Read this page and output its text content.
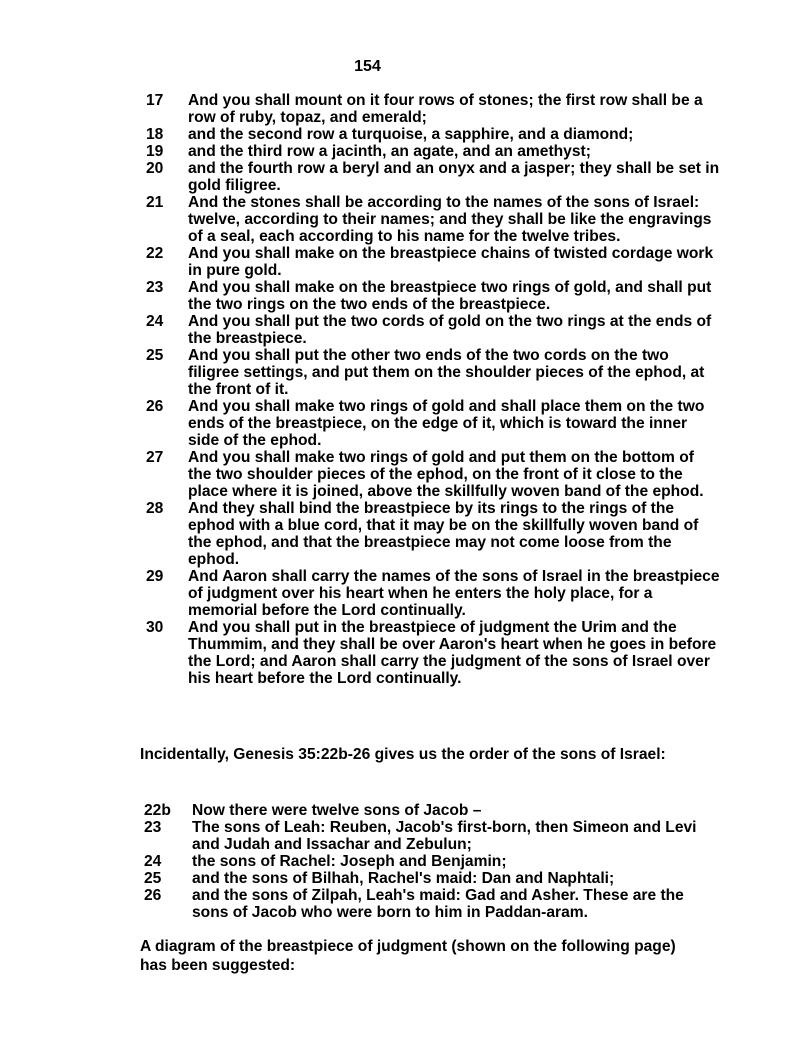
154
17	And you shall mount on it four rows of stones; the first row shall be a row of ruby, topaz, and emerald;
18	and the second row a turquoise, a sapphire, and a diamond;
19	and the third row a jacinth, an agate, and an amethyst;
20	and the fourth row a beryl and an onyx and a jasper; they shall be set in gold filigree.
21	And the stones shall be according to the names of the sons of Israel: twelve, according to their names; and they shall be like the engravings of a seal, each according to his name for the twelve tribes.
22	And you shall make on the breastpiece chains of twisted cordage work in pure gold.
23	And you shall make on the breastpiece two rings of gold, and shall put the two rings on the two ends of the breastpiece.
24	And you shall put the two cords of gold on the two rings at the ends of the breastpiece.
25	And you shall put the other two ends of the two cords on the two filigree settings, and put them on the shoulder pieces of the ephod, at the front of it.
26	And you shall make two rings of gold and shall place them on the two ends of the breastpiece, on the edge of it, which is toward the inner side of the ephod.
27	And you shall make two rings of gold and put them on the bottom of the two shoulder pieces of the ephod, on the front of it close to the place where it is joined, above the skillfully woven band of the ephod.
28	And they shall bind the breastpiece by its rings to the rings of the ephod with a blue cord, that it may be on the skillfully woven band of the ephod, and that the breastpiece may not come loose from the ephod.
29	And Aaron shall carry the names of the sons of Israel in the breastpiece of judgment over his heart when he enters the holy place, for a memorial before the Lord continually.
30	And you shall put in the breastpiece of judgment the Urim and the Thummim, and they shall be over Aaron's heart when he goes in before the Lord; and Aaron shall carry the judgment of the sons of Israel over his heart before the Lord continually.
Incidentally, Genesis 35:22b-26 gives us the order of the sons of Israel:
22b	Now there were twelve sons of Jacob –
23	The sons of Leah: Reuben, Jacob's first-born, then Simeon and Levi and Judah and Issachar and Zebulun;
24	the sons of Rachel: Joseph and Benjamin;
25	and the sons of Bilhah, Rachel's maid: Dan and Naphtali;
26	and the sons of Zilpah, Leah's maid: Gad and Asher. These are the sons of Jacob who were born to him in Paddan-aram.
A diagram of the breastpiece of judgment (shown on the following page) has been suggested:
